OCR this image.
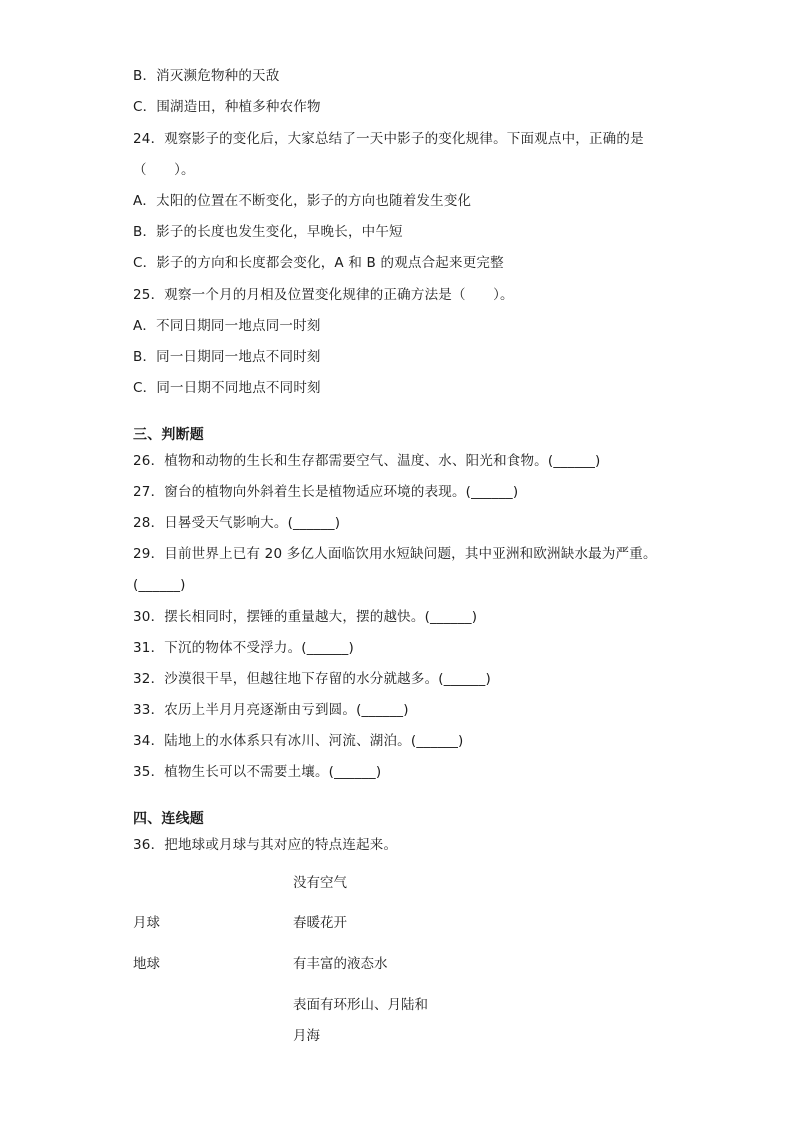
B．消灭濒危物种的天敌
C．围湖造田，种植多种农作物
24．观察影子的变化后，大家总结了一天中影子的变化规律。下面观点中，正确的是
（　　）。
A．太阳的位置在不断变化，影子的方向也随着发生变化
B．影子的长度也发生变化，早晚长，中午短
C．影子的方向和长度都会变化，A 和 B 的观点合起来更完整
25．观察一个月的月相及位置变化规律的正确方法是（　　）。
A．不同日期同一地点同一时刻
B．同一日期同一地点不同时刻
C．同一日期不同地点不同时刻
三、判断题
26．植物和动物的生长和生存都需要空气、温度、水、阳光和食物。(______)
27．窗台的植物向外斜着生长是植物适应环境的表现。(______)
28．日晷受天气影响大。(______)
29．目前世界上已有 20 多亿人面临饮用水短缺问题，其中亚洲和欧洲缺水最为严重。
(______)
30．摆长相同时，摆锤的重量越大，摆的越快。(______)
31．下沉的物体不受浮力。(______)
32．沙漠很干旱，但越往地下存留的水分就越多。(______)
33．农历上半月月亮逐渐由亏到圆。(______)
34．陆地上的水体系只有冰川、河流、湖泊。(______)
35．植物生长可以不需要土壤。(______)
四、连线题
36．把地球或月球与其对应的特点连起来。
没有空气
月球	春暖花开
地球	有丰富的液态水
表面有环形山、月陆和
月海
